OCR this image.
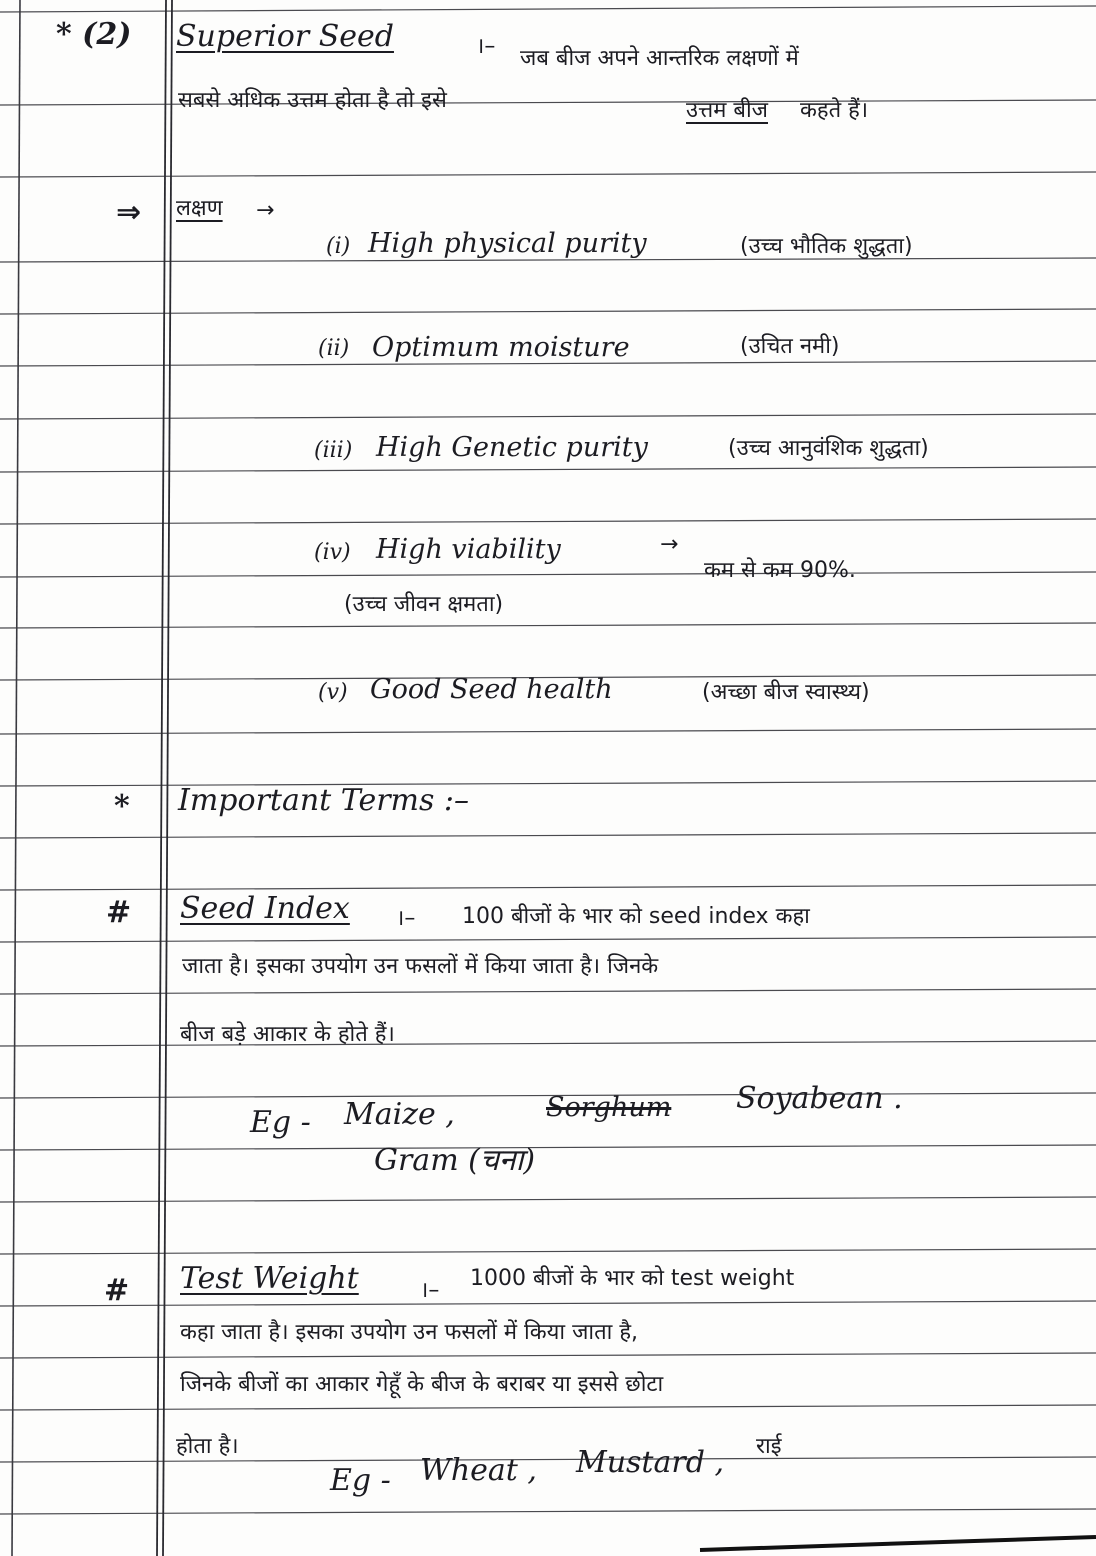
* (2) Superior Seed	।– जब बीज अपने आन्तरिक लक्षणों में
सबसे अधिक उत्तम होता है तो इसे	उत्तम बीज कहते हैं।
⇒ लक्षण →
(i) High physical purity	(उच्च भौतिक शुद्धता)
(ii) Optimum moisture	(उचित नमी)
(iii) High Genetic purity	(उच्च आनुवंशिक शुद्धता)
(iv) High viability	→
कम से कम 90%.
(उच्च जीवन क्षमता)
(v) Good Seed health	(अच्छा बीज स्वास्थ्य)
* Important Terms :–
# Seed Index ।– 100 बीजों के भार को seed index कहा
जाता है। इसका उपयोग उन फसलों में किया जाता है। जिनके
बीज बड़े आकार के होते हैं।
Eg - Maize ,	Sorghum Soyabean .
Gram (चना)
# Test Weight	।– 1000 बीजों के भार को test weight
कहा जाता है। इसका उपयोग उन फसलों में किया जाता है,
जिनके बीजों का आकार गेहूँ के बीज के बराबर या इससे छोटा
होता है।
Eg - Wheat , Mustard , राई
